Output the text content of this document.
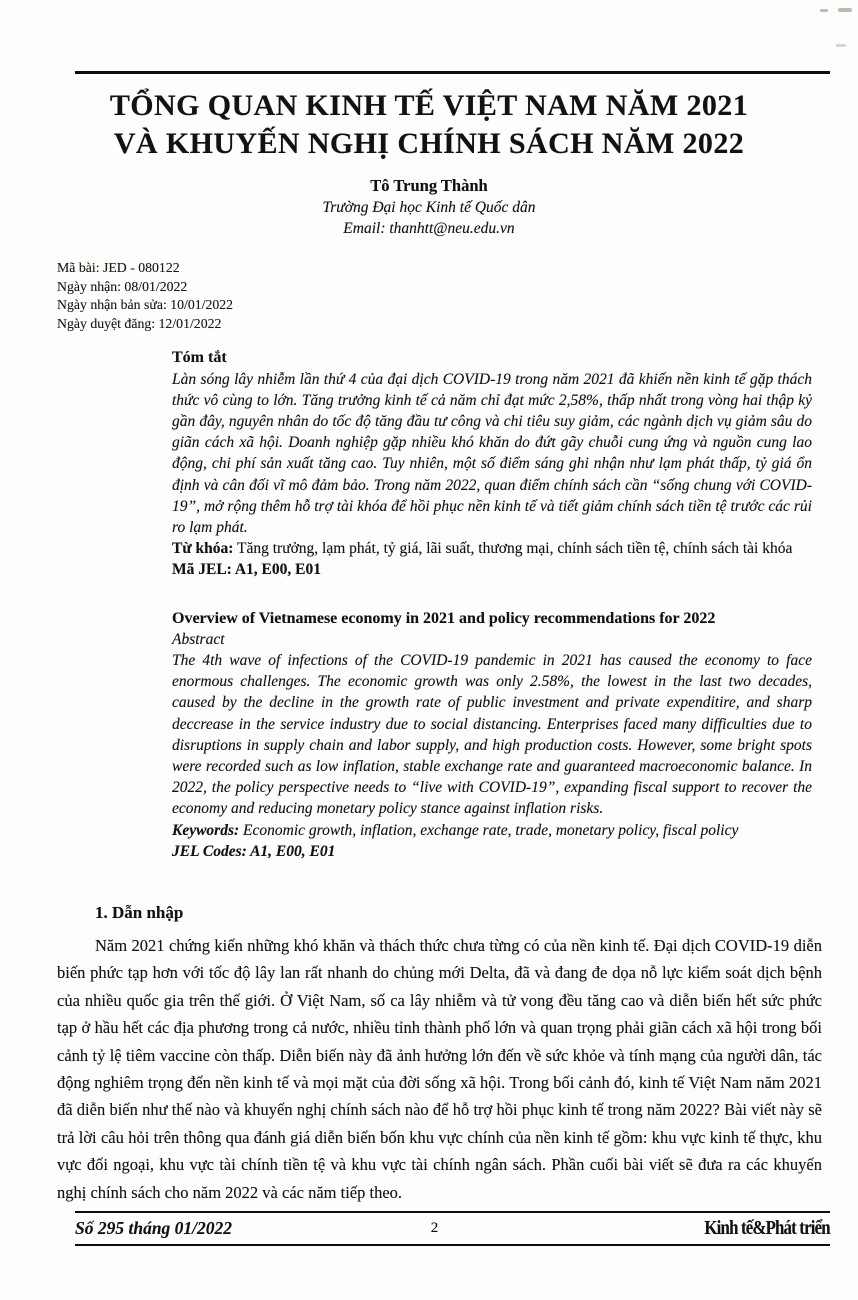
TỔNG QUAN KINH TẾ VIỆT NAM NĂM 2021
VÀ KHUYẾN NGHỊ CHÍNH SÁCH NĂM 2022
Tô Trung Thành
Trường Đại học Kinh tế Quốc dân
Email: thanhtt@neu.edu.vn
Mã bài: JED - 080122
Ngày nhận: 08/01/2022
Ngày nhận bản sửa: 10/01/2022
Ngày duyệt đăng: 12/01/2022
Tóm tắt

Làn sóng lây nhiễm lần thứ 4 của đại dịch COVID-19 trong năm 2021 đã khiến nền kinh tế gặp thách thức vô cùng to lớn. Tăng trưởng kinh tế cả năm chỉ đạt mức 2,58%, thấp nhất trong vòng hai thập kỷ gần đây, nguyên nhân do tốc độ tăng đầu tư công và chi tiêu suy giảm, các ngành dịch vụ giảm sâu do giãn cách xã hội. Doanh nghiệp gặp nhiều khó khăn do đứt gãy chuỗi cung ứng và nguồn cung lao động, chi phí sản xuất tăng cao. Tuy nhiên, một số điểm sáng ghi nhận như lạm phát thấp, tỷ giá ổn định và cân đối vĩ mô đảm bảo. Trong năm 2022, quan điểm chính sách cần “sống chung với COVID-19”, mở rộng thêm hỗ trợ tài khóa để hồi phục nền kinh tế và tiết giảm chính sách tiền tệ trước các rủi ro lạm phát.

Từ khóa: Tăng trưởng, lạm phát, tỷ giá, lãi suất, thương mại, chính sách tiền tệ, chính sách tài khóa

Mã JEL: A1, E00, E01

Overview of Vietnamese economy in 2021 and policy recommendations for 2022
Abstract

The 4th wave of infections of the COVID-19 pandemic in 2021 has caused the economy to face enormous challenges. The economic growth was only 2.58%, the lowest in the last two decades, caused by the decline in the growth rate of public investment and private expenditire, and sharp deccrease in the service industry due to social distancing. Enterprises faced many difficulties due to disruptions in supply chain and labor supply, and high production costs. However, some bright spots were recorded such as low inflation, stable exchange rate and guaranteed macroeconomic balance. In 2022, the policy perspective needs to “live with COVID-19”, expanding fiscal support to recover the economy and reducing monetary policy stance against inflation risks.

Keywords: Economic growth, inflation, exchange rate, trade, monetary policy, fiscal policy

JEL Codes: A1, E00, E01

1. Dẫn nhập

Năm 2021 chứng kiến những khó khăn và thách thức chưa từng có của nền kinh tế. Đại dịch COVID-19 diễn biến phức tạp hơn với tốc độ lây lan rất nhanh do chủng mới Delta, đã và đang đe dọa nỗ lực kiểm soát dịch bệnh của nhiều quốc gia trên thế giới. Ở Việt Nam, số ca lây nhiễm và tử vong đều tăng cao và diễn biến hết sức phức tạp ở hầu hết các địa phương trong cả nước, nhiều tỉnh thành phố lớn và quan trọng phải giãn cách xã hội trong bối cảnh tỷ lệ tiêm vaccine còn thấp. Diễn biến này đã ảnh hưởng lớn đến về sức khỏe và tính mạng của người dân, tác động nghiêm trọng đến nền kinh tế và mọi mặt của đời sống xã hội. Trong bối cảnh đó, kinh tế Việt Nam năm 2021 đã diễn biến như thế nào và khuyến nghị chính sách nào để hỗ trợ hồi phục kinh tế trong năm 2022? Bài viết này sẽ trả lời câu hỏi trên thông qua đánh giá diễn biến bốn khu vực chính của nền kinh tế gồm: khu vực kinh tế thực, khu vực đối ngoại, khu vực tài chính tiền tệ và khu vực tài chính ngân sách. Phần cuối bài viết sẽ đưa ra các khuyến nghị chính sách cho năm 2022 và các năm tiếp theo.

Số 295 tháng 01/2022	2	Kinh tế&Phát triển
